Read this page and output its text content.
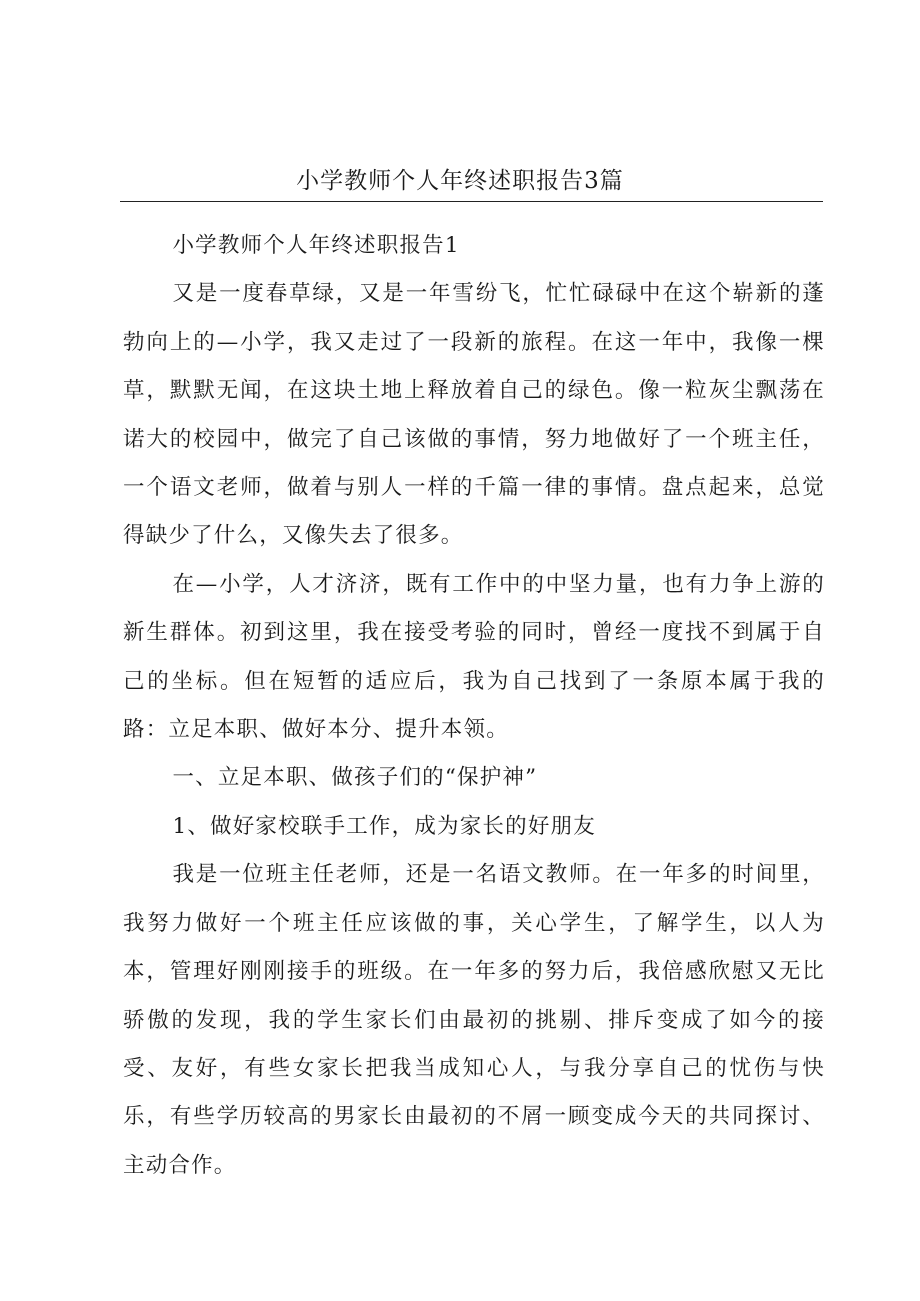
小学教师个人年终述职报告3篇

小学教师个人年终述职报告1

又是一度春草绿，又是一年雪纷飞，忙忙碌碌中在这个崭新的蓬勃向上的—小学，我又走过了一段新的旅程。在这一年中，我像一棵草，默默无闻，在这块土地上释放着自己的绿色。像一粒灰尘飘荡在诺大的校园中，做完了自己该做的事情，努力地做好了一个班主任，一个语文老师，做着与别人一样的千篇一律的事情。盘点起来，总觉得缺少了什么，又像失去了很多。

在—小学，人才济济，既有工作中的中坚力量，也有力争上游的新生群体。初到这里，我在接受考验的同时，曾经一度找不到属于自己的坐标。但在短暂的适应后，我为自己找到了一条原本属于我的路：立足本职、做好本分、提升本领。

一、立足本职、做孩子们的“保护神”

1、做好家校联手工作，成为家长的好朋友

我是一位班主任老师，还是一名语文教师。在一年多的时间里，我努力做好一个班主任应该做的事，关心学生，了解学生，以人为本，管理好刚刚接手的班级。在一年多的努力后，我倍感欣慰又无比骄傲的发现，我的学生家长们由最初的挑剔、排斥变成了如今的接受、友好，有些女家长把我当成知心人，与我分享自己的忧伤与快乐，有些学历较高的男家长由最初的不屑一顾变成今天的共同探讨、主动合作。
